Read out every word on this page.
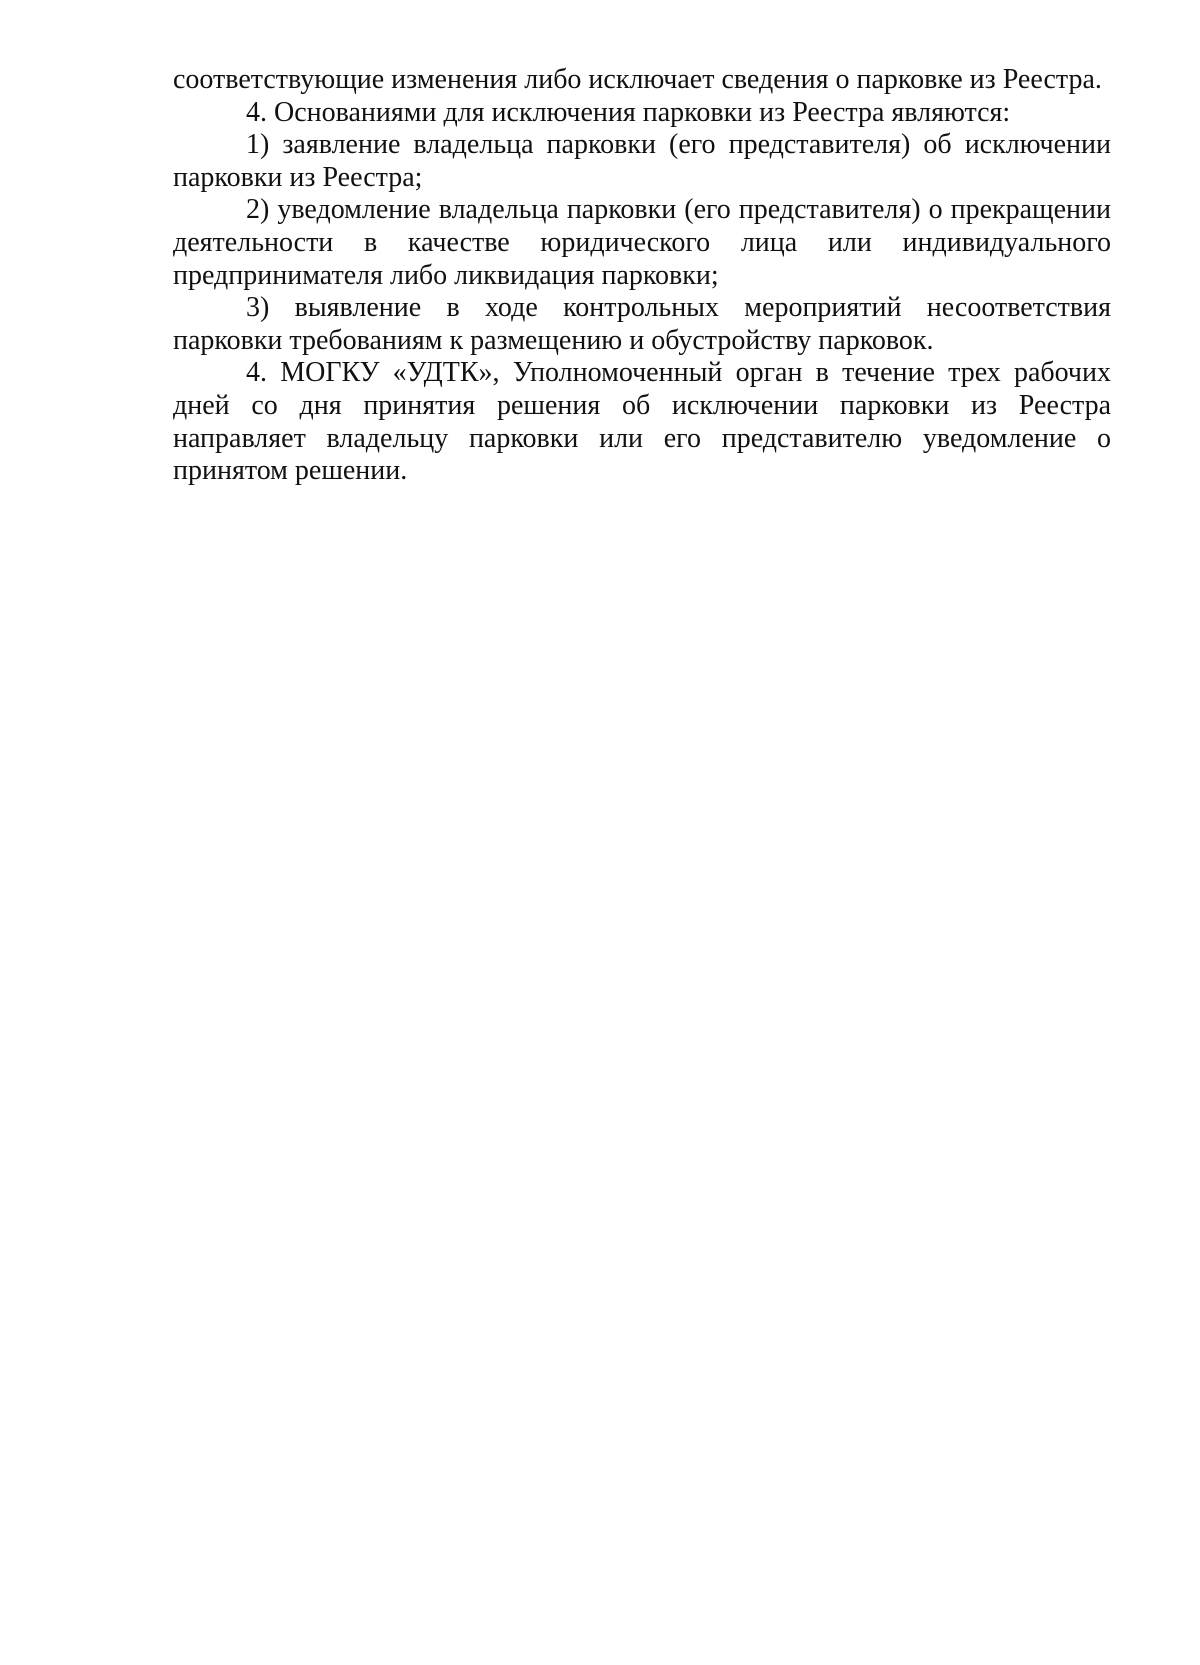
соответствующие изменения либо исключает сведения о парковке из Реестра.

4. Основаниями для исключения парковки из Реестра являются:

1) заявление владельца парковки (его представителя) об исключении парковки из Реестра;

2) уведомление владельца парковки (его представителя) о прекращении деятельности в качестве юридического лица или индивидуального предпринимателя либо ликвидация парковки;

3) выявление в ходе контрольных мероприятий несоответствия парковки требованиям к размещению и обустройству парковок.

4. МОГКУ «УДТК», Уполномоченный орган в течение трех рабочих дней со дня принятия решения об исключении парковки из Реестра направляет владельцу парковки или его представителю уведомление о принятом решении.
